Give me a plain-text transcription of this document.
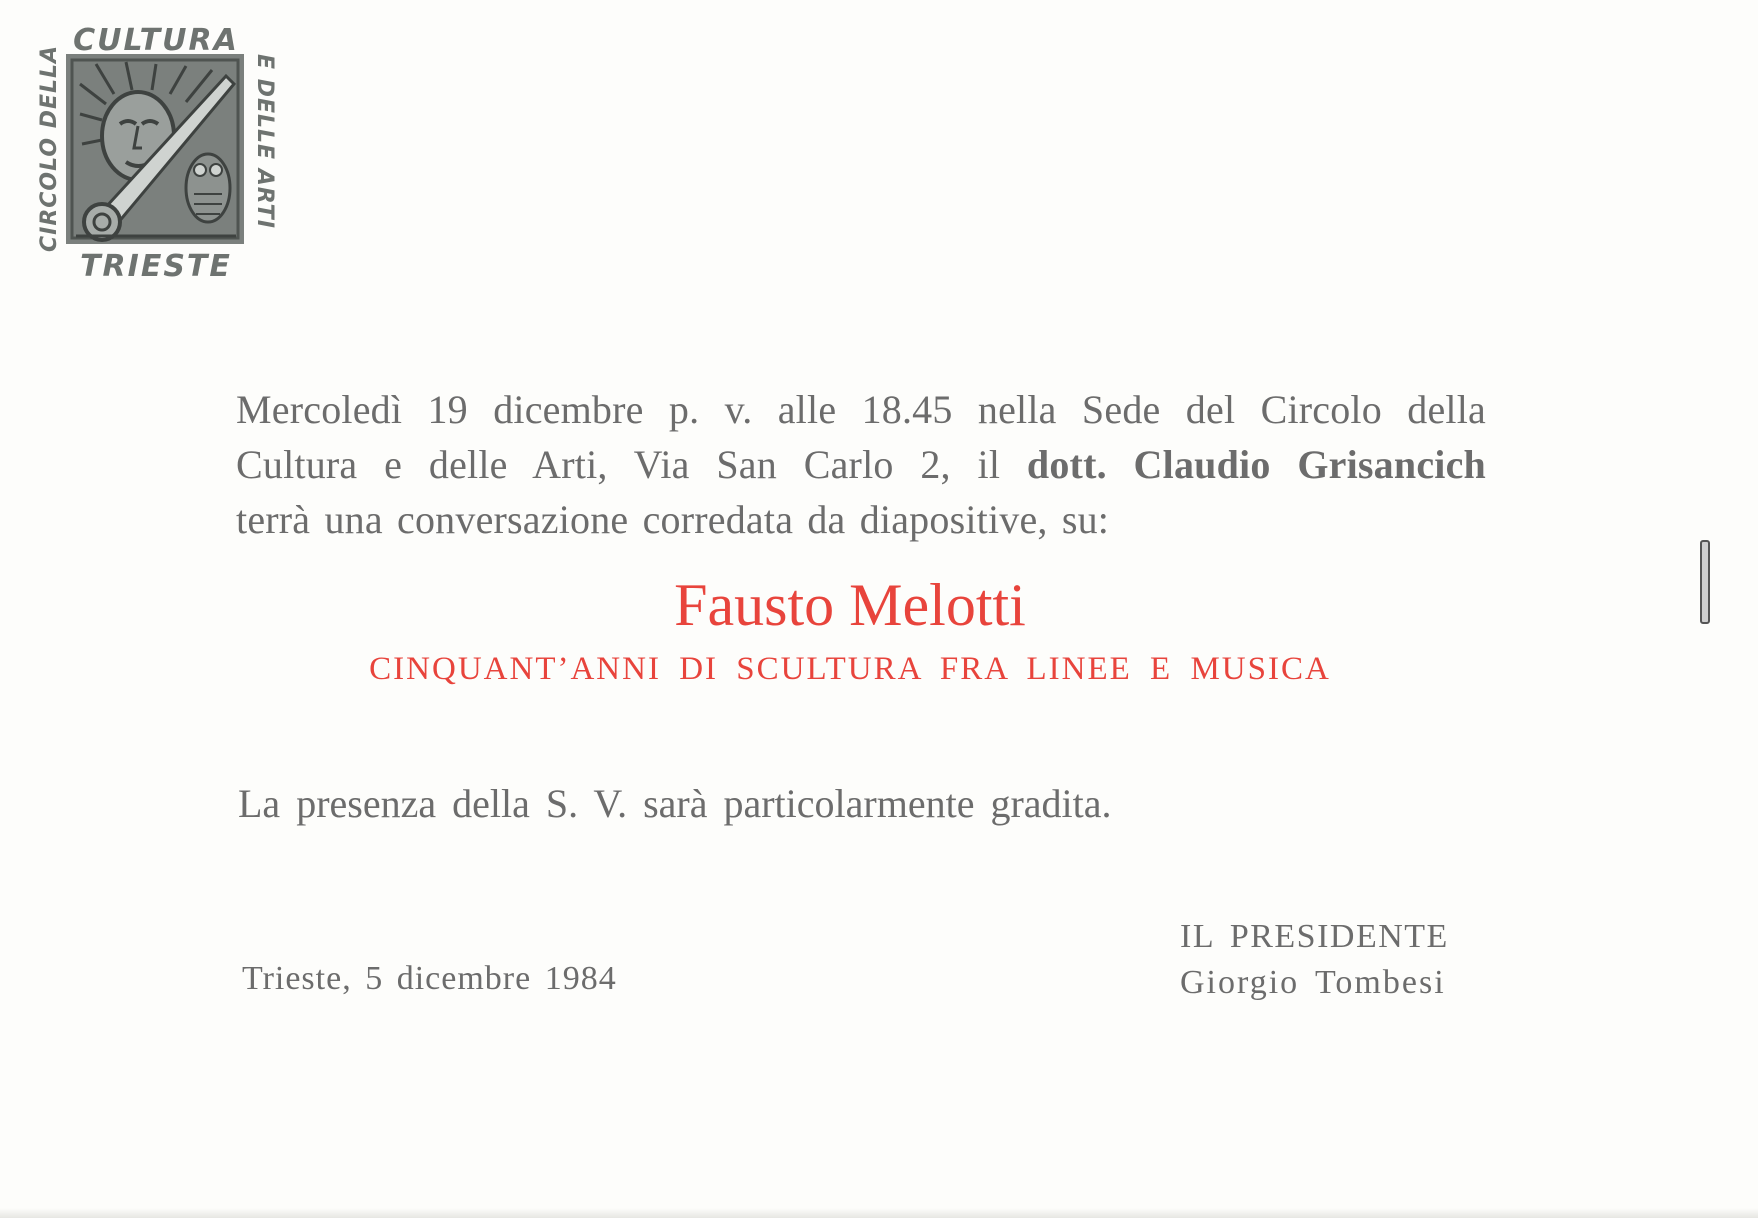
CULTURA
TRIESTE
CIRCOLO DELLA	E DELLE ARTI
Mercoledì 19 dicembre p. v. alle 18.45 nella Sede del Circolo della
Cultura e delle Arti, Via San Carlo 2, il dott. Claudio Grisancich
terrà una conversazione corredata da diapositive, su:
Fausto Melotti
CINQUANT’ANNI DI SCULTURA FRA LINEE E MUSICA
La presenza della S. V. sarà particolarmente gradita.
IL PRESIDENTE
Giorgio Tombesi
Trieste, 5 dicembre 1984
